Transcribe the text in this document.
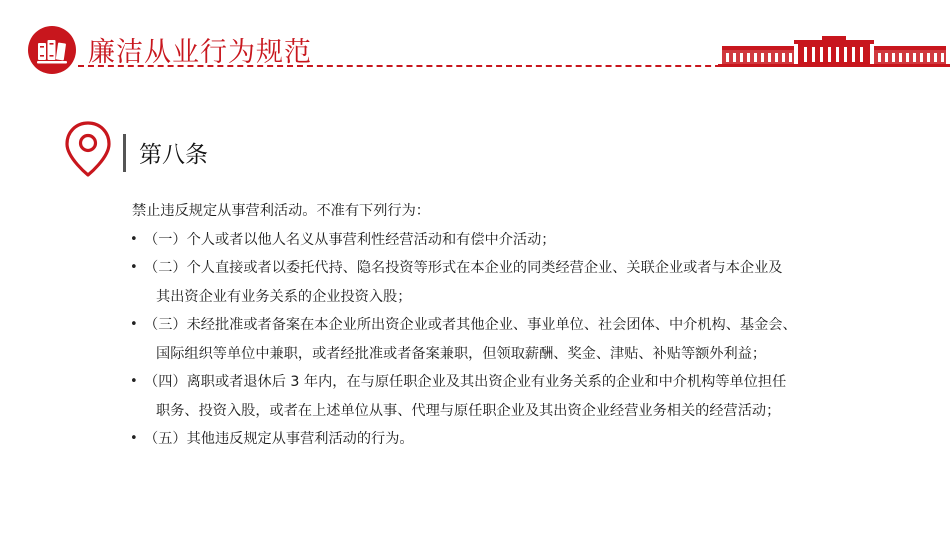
廉洁从业行为规范
第八条

禁止违反规定从事营利活动。不准有下列行为：

• （一）个人或者以他人名义从事营利性经营活动和有偿中介活动；
• （二）个人直接或者以委托代持、隐名投资等形式在本企业的同类经营企业、关联企业或者与本企业及
其出资企业有业务关系的企业投资入股；
• （三）未经批准或者备案在本企业所出资企业或者其他企业、事业单位、社会团体、中介机构、基金会、
国际组织等单位中兼职，或者经批准或者备案兼职，但领取薪酬、奖金、津贴、补贴等额外利益；
• （四）离职或者退休后 3 年内，在与原任职企业及其出资企业有业务关系的企业和中介机构等单位担任
职务、投资入股，或者在上述单位从事、代理与原任职企业及其出资企业经营业务相关的经营活动；
• （五）其他违反规定从事营利活动的行为。
